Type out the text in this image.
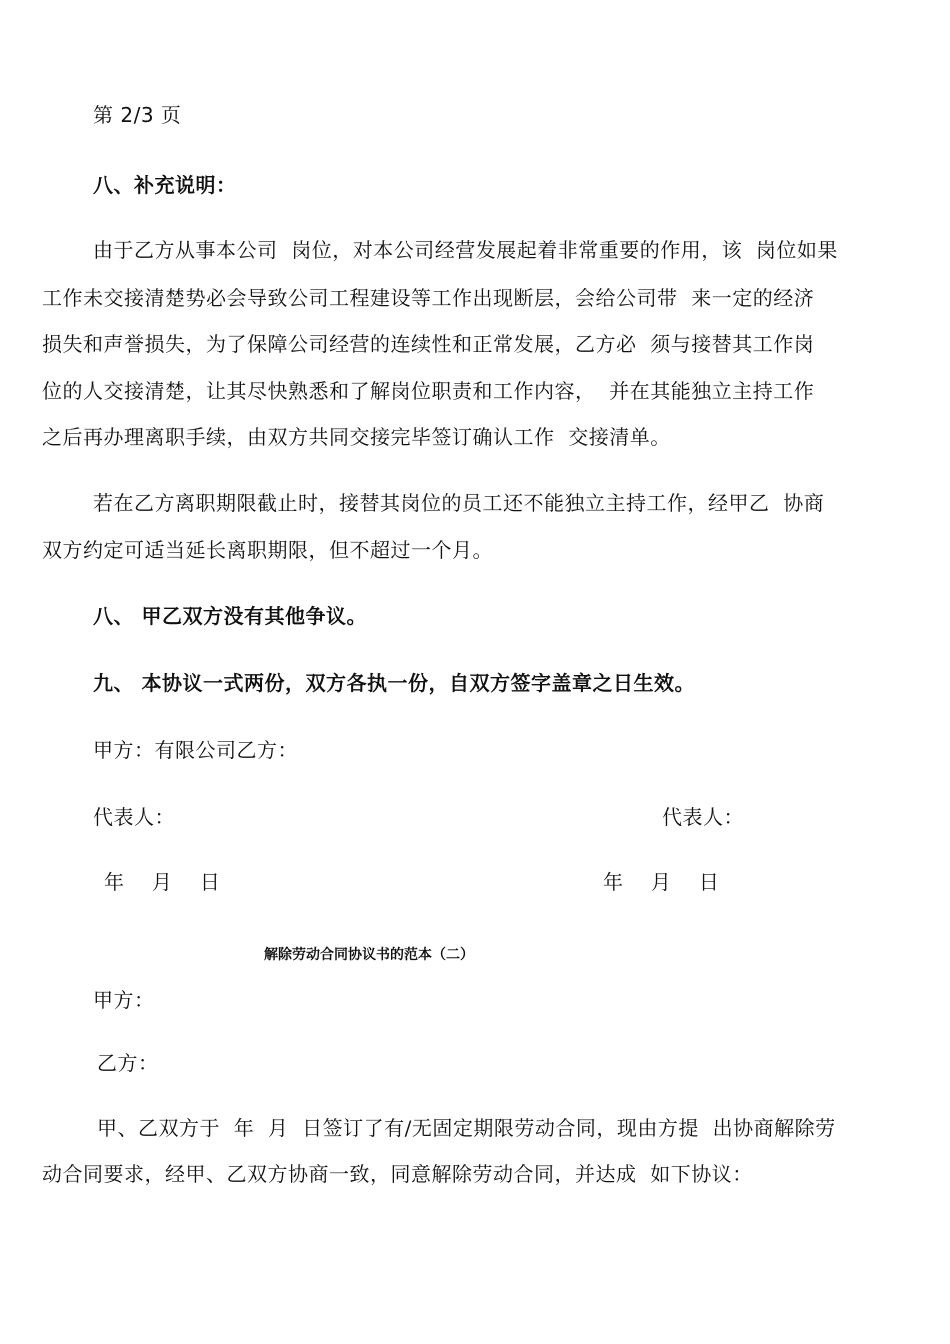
第 2/3 页
八、补充说明：
由于乙方从事本公司  岗位，对本公司经营发展起着非常重要的作用，该  岗位如果
工作未交接清楚势必会导致公司工程建设等工作出现断层，会给公司带  来一定的经济
损失和声誉损失，为了保障公司经营的连续性和正常发展，乙方必  须与接替其工作岗
位的人交接清楚，让其尽快熟悉和了解岗位职责和工作内容，  并在其能独立主持工作
之后再办理离职手续，由双方共同交接完毕签订确认工作  交接清单。
若在乙方离职期限截止时，接替其岗位的员工还不能独立主持工作，经甲乙  协商
双方约定可适当延长离职期限，但不超过一个月。
八、 甲乙双方没有其他争议。
九、 本协议一式两份，双方各执一份，自双方签字盖章之日生效。
甲方：有限公司乙方：
代表人：	代表人：
年    月    日	年    月    日
解除劳动合同协议书的范本（二）
甲方：
乙方：
甲、乙双方于  年  月  日签订了有/无固定期限劳动合同，现由方提  出协商解除劳
动合同要求，经甲、乙双方协商一致，同意解除劳动合同，并达成  如下协议：
